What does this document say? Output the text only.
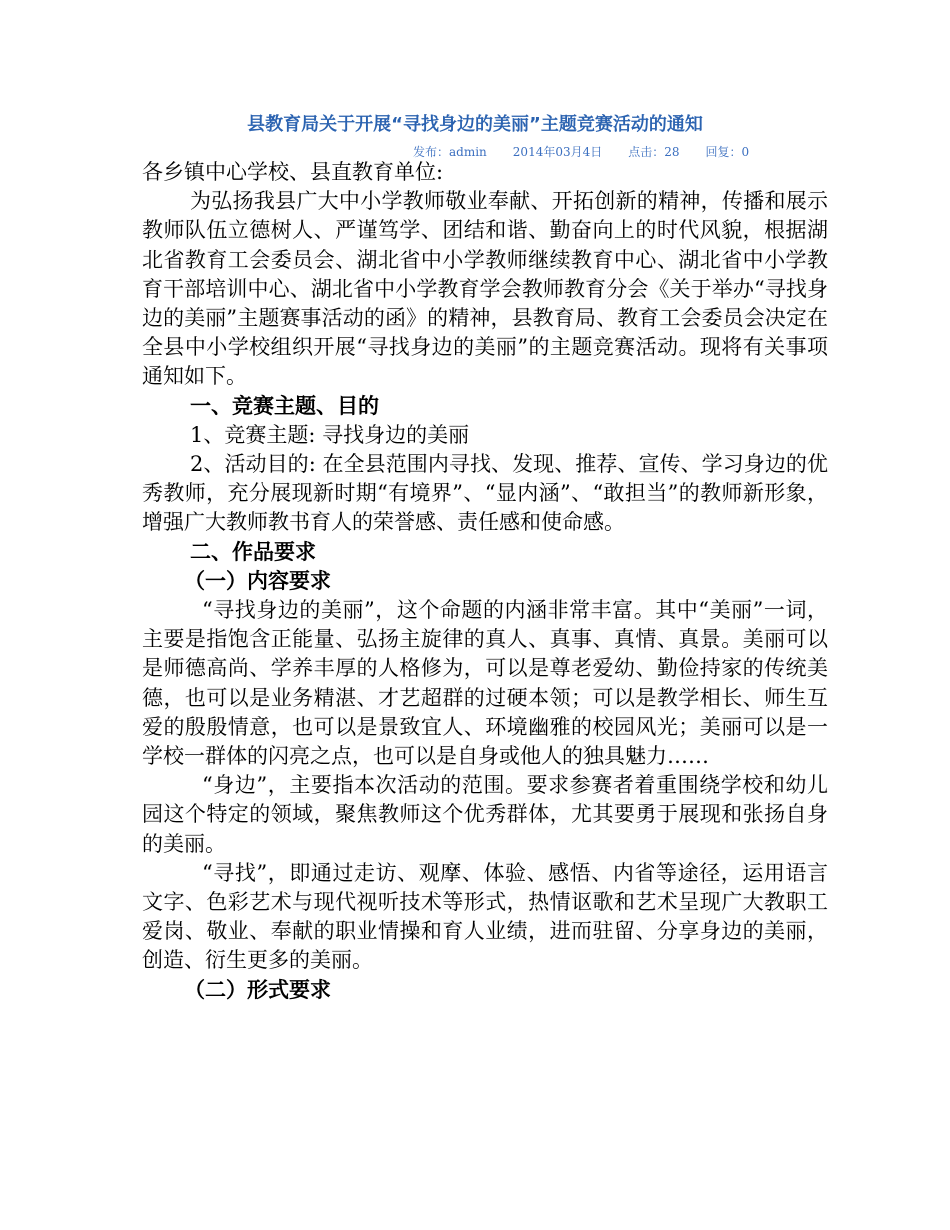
县教育局关于开展“寻找身边的美丽”主题竞赛活动的通知
发布：admin 2014年03月4日 点击：28 回复：0

各乡镇中心学校、县直教育单位:

为弘扬我县广大中小学教师敬业奉献、开拓创新的精神，传播和展示教师队伍立德树人、严谨笃学、团结和谐、勤奋向上的时代风貌，根据湖北省教育工会委员会、湖北省中小学教师继续教育中心、湖北省中小学教育干部培训中心、湖北省中小学教育学会教师教育分会《关于举办“寻找身边的美丽”主题赛事活动的函》的精神，县教育局、教育工会委员会决定在全县中小学校组织开展“寻找身边的美丽”的主题竞赛活动。现将有关事项通知如下。

一、竞赛主题、目的

1、竞赛主题: 寻找身边的美丽

2、活动目的: 在全县范围内寻找、发现、推荐、宣传、学习身边的优秀教师，充分展现新时期“有境界”、“显内涵”、“敢担当”的教师新形象，增强广大教师教书育人的荣誉感、责任感和使命感。

二、作品要求

（一）内容要求

“寻找身边的美丽”，这个命题的内涵非常丰富。其中“美丽”一词，主要是指饱含正能量、弘扬主旋律的真人、真事、真情、真景。美丽可以是师德高尚、学养丰厚的人格修为，可以是尊老爱幼、勤俭持家的传统美德，也可以是业务精湛、才艺超群的过硬本领；可以是教学相长、师生互爱的殷殷情意，也可以是景致宜人、环境幽雅的校园风光；美丽可以是一学校一群体的闪亮之点，也可以是自身或他人的独具魅力……

“身边”，主要指本次活动的范围。要求参赛者着重围绕学校和幼儿园这个特定的领域，聚焦教师这个优秀群体，尤其要勇于展现和张扬自身的美丽。

“寻找”，即通过走访、观摩、体验、感悟、内省等途径，运用语言文字、色彩艺术与现代视听技术等形式，热情讴歌和艺术呈现广大教职工爱岗、敬业、奉献的职业情操和育人业绩，进而驻留、分享身边的美丽，创造、衍生更多的美丽。

（二）形式要求
